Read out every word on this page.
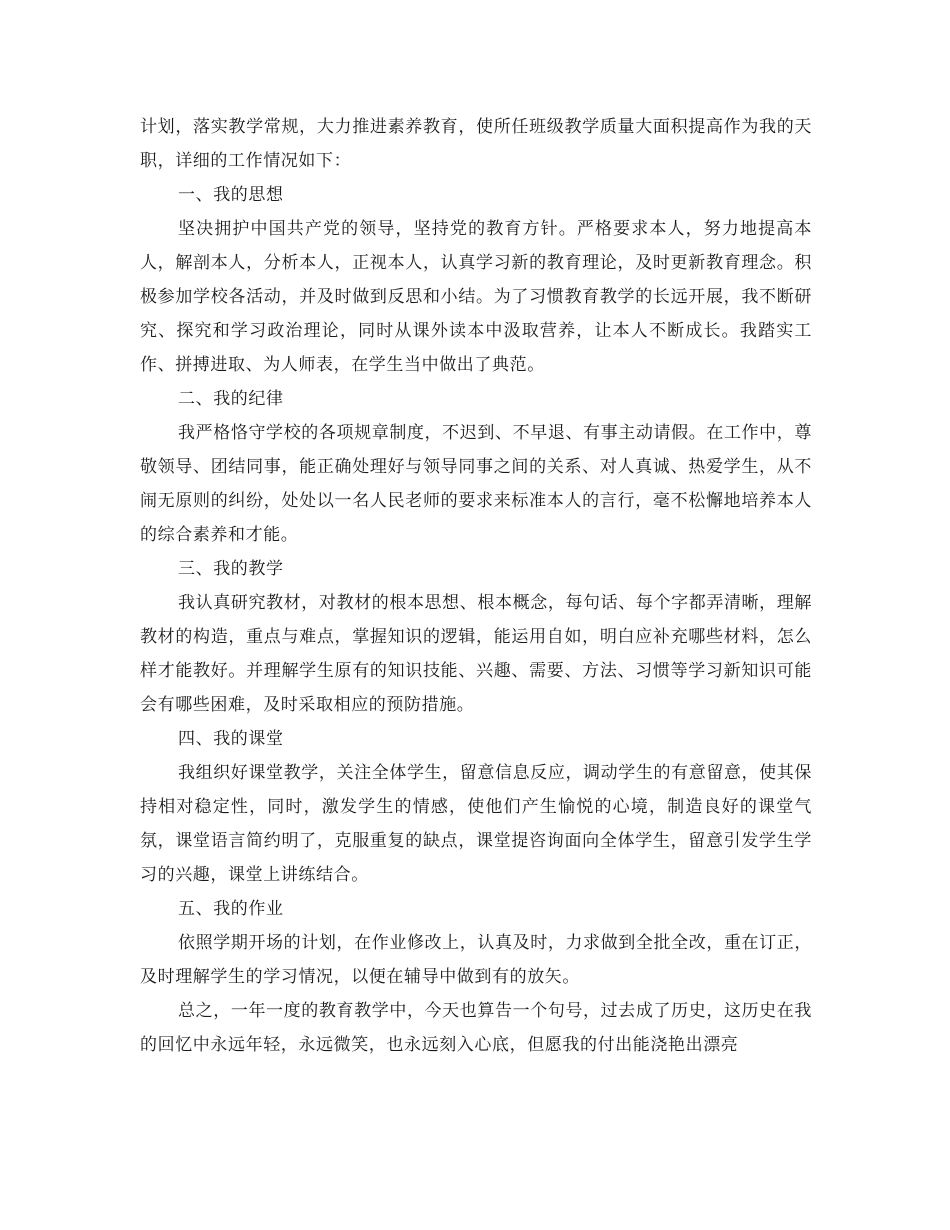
计划，落实教学常规，大力推进素养教育，使所任班级教学质量大面积提高作为我的天职，详细的工作情况如下：

一、我的思想

坚决拥护中国共产党的领导，坚持党的教育方针。严格要求本人，努力地提高本人，解剖本人，分析本人，正视本人，认真学习新的教育理论，及时更新教育理念。积极参加学校各活动，并及时做到反思和小结。为了习惯教育教学的长远开展，我不断研究、探究和学习政治理论，同时从课外读本中汲取营养，让本人不断成长。我踏实工作、拼搏进取、为人师表，在学生当中做出了典范。

二、我的纪律

我严格恪守学校的各项规章制度，不迟到、不早退、有事主动请假。在工作中，尊敬领导、团结同事，能正确处理好与领导同事之间的关系、对人真诚、热爱学生，从不闹无原则的纠纷，处处以一名人民老师的要求来标准本人的言行，毫不松懈地培养本人的综合素养和才能。

三、我的教学

我认真研究教材，对教材的根本思想、根本概念，每句话、每个字都弄清晰，理解教材的构造，重点与难点，掌握知识的逻辑，能运用自如，明白应补充哪些材料，怎么样才能教好。并理解学生原有的知识技能、兴趣、需要、方法、习惯等学习新知识可能会有哪些困难，及时采取相应的预防措施。

四、我的课堂

我组织好课堂教学，关注全体学生，留意信息反应，调动学生的有意留意，使其保持相对稳定性，同时，激发学生的情感，使他们产生愉悦的心境，制造良好的课堂气氛，课堂语言简约明了，克服重复的缺点，课堂提咨询面向全体学生，留意引发学生学习的兴趣，课堂上讲练结合。

五、我的作业

依照学期开场的计划，在作业修改上，认真及时，力求做到全批全改，重在订正，及时理解学生的学习情况，以便在辅导中做到有的放矢。

总之，一年一度的教育教学中，今天也算告一个句号，过去成了历史，这历史在我的回忆中永远年轻，永远微笑，也永远刻入心底，但愿我的付出能浇艳出漂亮
